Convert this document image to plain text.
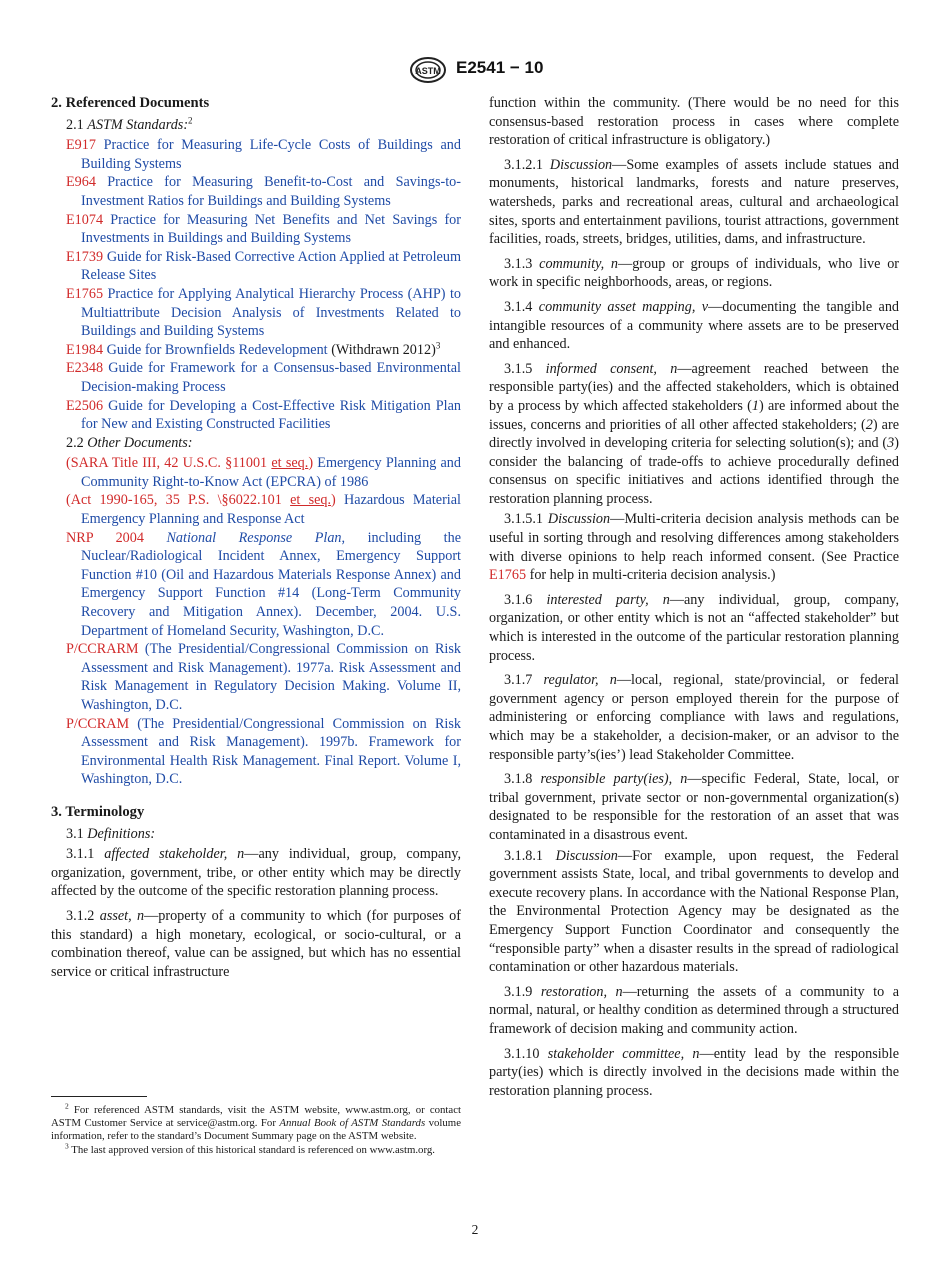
ASTM E2541 − 10

2. Referenced Documents

2.1 ASTM Standards:$^2$

E917 Practice for Measuring Life-Cycle Costs of Buildings and Building Systems

E964 Practice for Measuring Benefit-to-Cost and Savings-to-Investment Ratios for Buildings and Building Systems

E1074 Practice for Measuring Net Benefits and Net Savings for Investments in Buildings and Building Systems

E1739 Guide for Risk-Based Corrective Action Applied at Petroleum Release Sites

E1765 Practice for Applying Analytical Hierarchy Process (AHP) to Multiattribute Decision Analysis of Investments Related to Buildings and Building Systems

E1984 Guide for Brownfields Redevelopment (Withdrawn 2012)$^3$

E2348 Guide for Framework for a Consensus-based Environmental Decision-making Process

E2506 Guide for Developing a Cost-Effective Risk Mitigation Plan for New and Existing Constructed Facilities

2.2 Other Documents:

(SARA Title III, 42 U.S.C. §11001 et seq.) Emergency Planning and Community Right-to-Know Act (EPCRA) of 1986

(Act 1990-165, 35 P.S. \§6022.101 et seq.) Hazardous Material Emergency Planning and Response Act

NRP 2004 National Response Plan, including the Nuclear/Radiological Incident Annex, Emergency Support Function #10 (Oil and Hazardous Materials Response Annex) and Emergency Support Function #14 (Long-Term Community Recovery and Mitigation Annex). December, 2004. U.S. Department of Homeland Security, Washington, D.C.

P/CCRARM (The Presidential/Congressional Commission on Risk Assessment and Risk Management). 1977a. Risk Assessment and Risk Management in Regulatory Decision Making. Volume II, Washington, D.C.

P/CCRAM (The Presidential/Congressional Commission on Risk Assessment and Risk Management). 1997b. Framework for Environmental Health Risk Management. Final Report. Volume I, Washington, D.C.

3. Terminology

3.1 Definitions:

3.1.1 affected stakeholder, n—any individual, group, company, organization, government, tribe, or other entity which may be directly affected by the outcome of the specific restoration planning process.

3.1.2 asset, n—property of a community to which (for purposes of this standard) a high monetary, ecological, or socio-cultural, or a combination thereof, value can be assigned, but which has no essential service or critical infrastructure

$^2$ For referenced ASTM standards, visit the ASTM website, www.astm.org, or contact ASTM Customer Service at service@astm.org. For Annual Book of ASTM Standards volume information, refer to the standard’s Document Summary page on the ASTM website.

$^3$ The last approved version of this historical standard is referenced on www.astm.org.

function within the community. (There would be no need for this consensus-based restoration process in cases where complete restoration of critical infrastructure is obligatory.)

3.1.2.1 Discussion—Some examples of assets include statues and monuments, historical landmarks, forests and nature preserves, watersheds, parks and recreational areas, cultural and archaeological sites, sports and entertainment pavilions, tourist attractions, government facilities, roads, streets, bridges, utilities, dams, and infrastructure.

3.1.3 community, n—group or groups of individuals, who live or work in specific neighborhoods, areas, or regions.

3.1.4 community asset mapping, v—documenting the tangible and intangible resources of a community where assets are to be preserved and enhanced.

3.1.5 informed consent, n—agreement reached between the responsible party(ies) and the affected stakeholders, which is obtained by a process by which affected stakeholders (1) are informed about the issues, concerns and priorities of all other affected stakeholders; (2) are directly involved in developing criteria for selecting solution(s); and (3) consider the balancing of trade-offs to achieve procedurally defined consensus on specific initiatives and actions identified through the restoration planning process.

3.1.5.1 Discussion—Multi-criteria decision analysis methods can be useful in sorting through and resolving differences among stakeholders with diverse opinions to help reach informed consent. (See Practice E1765 for help in multi-criteria decision analysis.)

3.1.6 interested party, n—any individual, group, company, organization, or other entity which is not an “affected stakeholder” but which is interested in the outcome of the particular restoration planning process.

3.1.7 regulator, n—local, regional, state/provincial, or federal government agency or person employed therein for the purpose of administering or enforcing compliance with laws and regulations, which may be a stakeholder, a decision-maker, or an advisor to the responsible party’s(ies’) lead Stakeholder Committee.

3.1.8 responsible party(ies), n—specific Federal, State, local, or tribal government, private sector or non-governmental organization(s) designated to be responsible for the restoration of an asset that was contaminated in a disastrous event.

3.1.8.1 Discussion—For example, upon request, the Federal government assists State, local, and tribal governments to develop and execute recovery plans. In accordance with the National Response Plan, the Environmental Protection Agency may be designated as the Emergency Support Function Coordinator and consequently the “responsible party” when a disaster results in the spread of radiological contamination or other hazardous materials.

3.1.9 restoration, n—returning the assets of a community to a normal, natural, or healthy condition as determined through a structured framework of decision making and community action.

3.1.10 stakeholder committee, n—entity lead by the responsible party(ies) which is directly involved in the decisions made within the restoration planning process.

2
